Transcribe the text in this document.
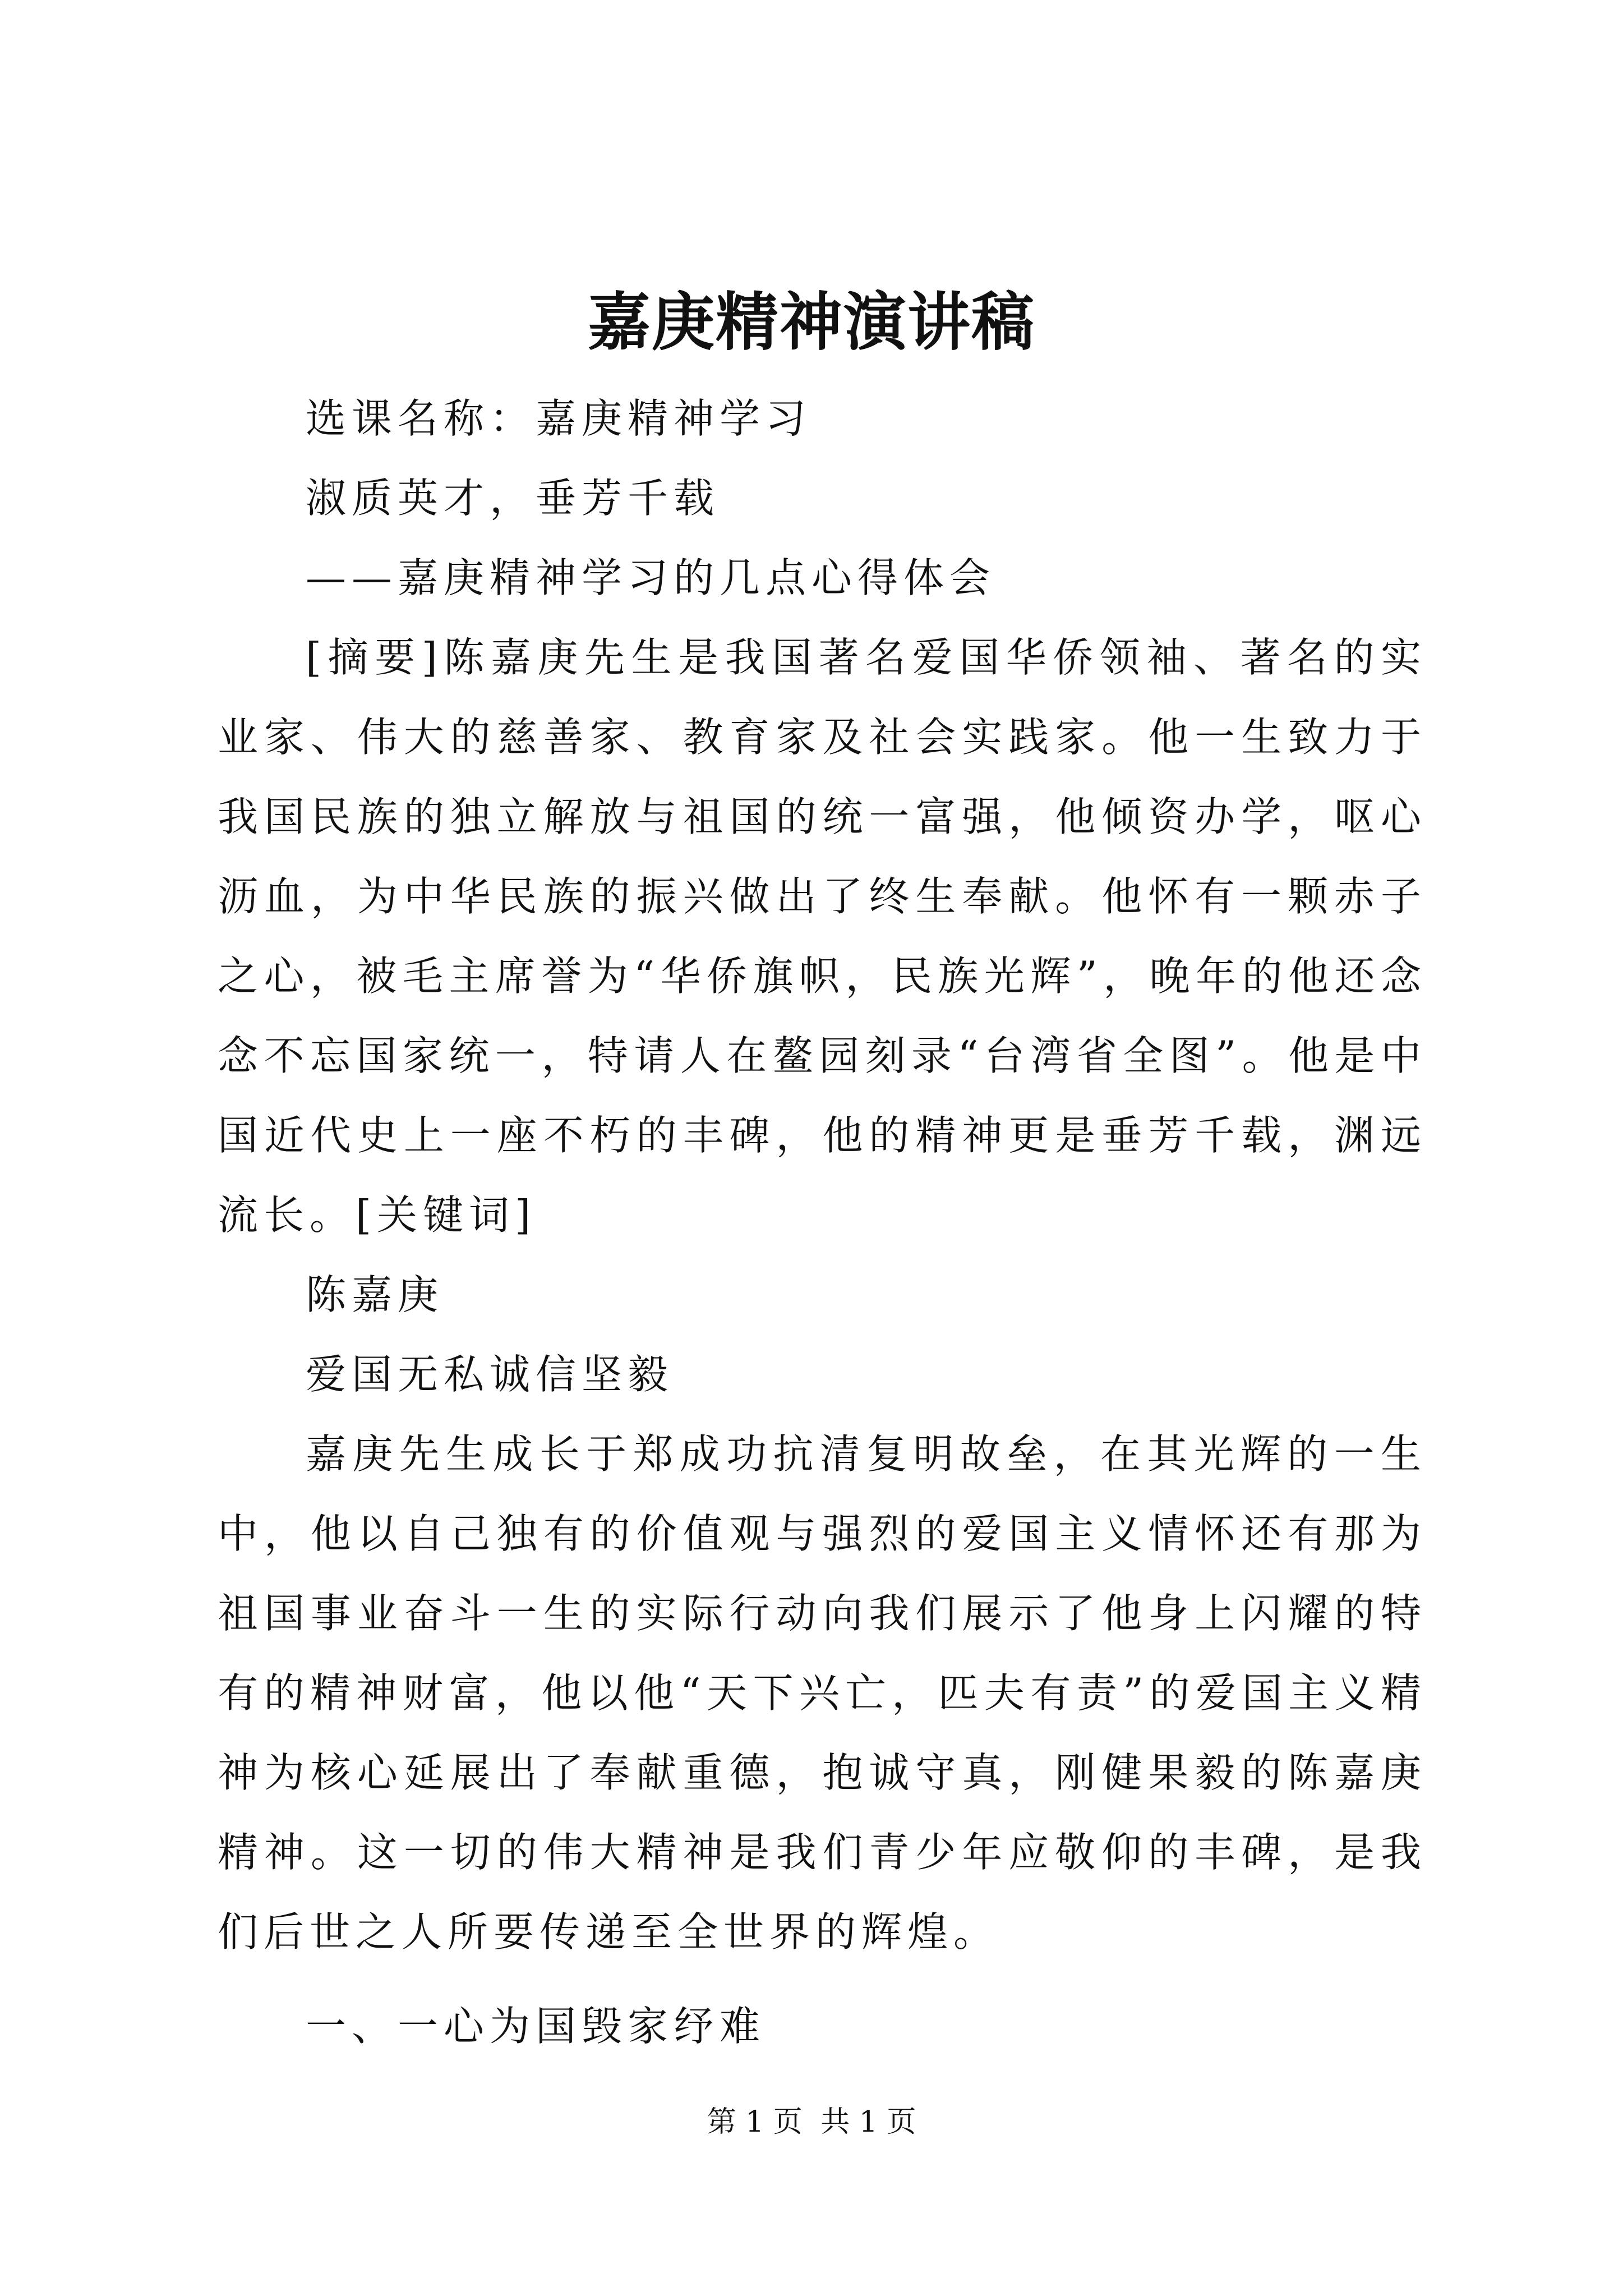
嘉庚精神演讲稿

选课名称：嘉庚精神学习

淑质英才，垂芳千载

——嘉庚精神学习的几点心得体会

[摘要]陈嘉庚先生是我国著名爱国华侨领袖、著名的实业家、伟大的慈善家、教育家及社会实践家。他一生致力于我国民族的独立解放与祖国的统一富强，他倾资办学，呕心沥血，为中华民族的振兴做出了终生奉献。他怀有一颗赤子之心，被毛主席誉为“华侨旗帜，民族光辉”，晚年的他还念念不忘国家统一，特请人在鳌园刻录“台湾省全图”。他是中国近代史上一座不朽的丰碑，他的精神更是垂芳千载，渊远流长。[关键词]

陈嘉庚

爱国无私诚信坚毅

嘉庚先生成长于郑成功抗清复明故垒，在其光辉的一生中，他以自己独有的价值观与强烈的爱国主义情怀还有那为祖国事业奋斗一生的实际行动向我们展示了他身上闪耀的特有的精神财富，他以他“天下兴亡，匹夫有责”的爱国主义精神为核心延展出了奉献重德，抱诚守真，刚健果毅的陈嘉庚精神。这一切的伟大精神是我们青少年应敬仰的丰碑，是我们后世之人所要传递至全世界的辉煌。

一、一心为国毁家纾难

第 1 页 共 1 页
